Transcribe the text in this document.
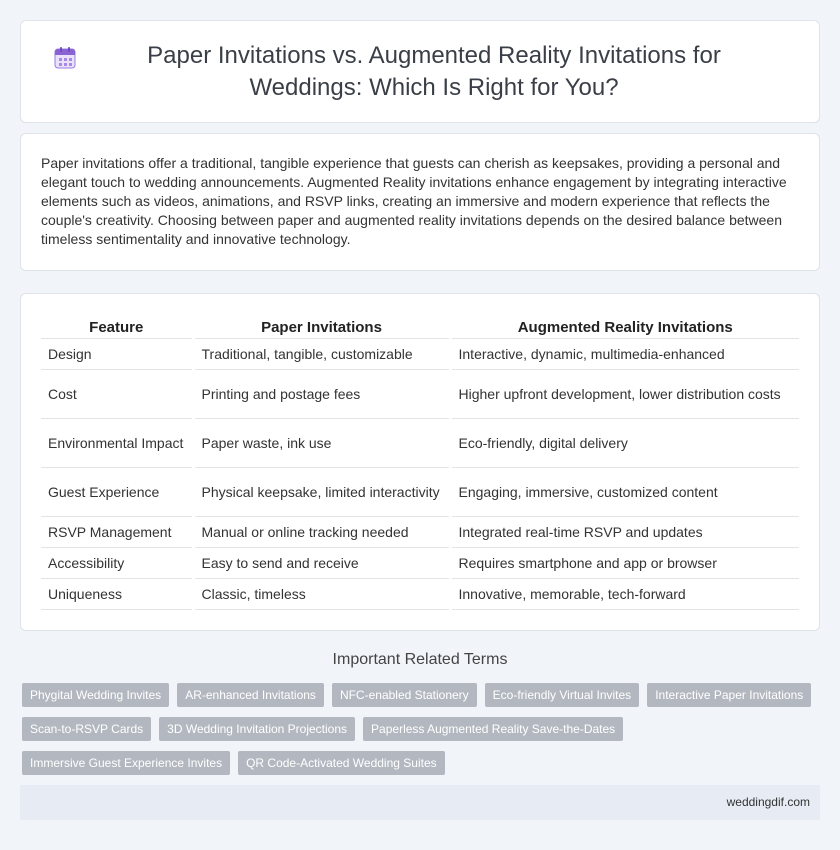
Paper Invitations vs. Augmented Reality Invitations for Weddings: Which Is Right for You?

Paper invitations offer a traditional, tangible experience that guests can cherish as keepsakes, providing a personal and elegant touch to wedding announcements. Augmented Reality invitations enhance engagement by integrating interactive elements such as videos, animations, and RSVP links, creating an immersive and modern experience that reflects the couple's creativity. Choosing between paper and augmented reality invitations depends on the desired balance between timeless sentimentality and innovative technology.

Feature	Paper Invitations	Augmented Reality Invitations
Design	Traditional, tangible, customizable	Interactive, dynamic, multimedia-enhanced
Cost	Printing and postage fees	Higher upfront development, lower distribution costs
Environmental Impact	Paper waste, ink use	Eco-friendly, digital delivery
Guest Experience	Physical keepsake, limited interactivity	Engaging, immersive, customized content
RSVP Management	Manual or online tracking needed	Integrated real-time RSVP and updates
Accessibility	Easy to send and receive	Requires smartphone and app or browser
Uniqueness	Classic, timeless	Innovative, memorable, tech-forward
Important Related Terms
Phygital Wedding Invites	AR-enhanced Invitations	NFC-enabled Stationery	Eco-friendly Virtual Invites	Interactive Paper Invitations
Scan-to-RSVP Cards	3D Wedding Invitation Projections	Paperless Augmented Reality Save-the-Dates
Immersive Guest Experience Invites	QR Code-Activated Wedding Suites
weddingdif.com
